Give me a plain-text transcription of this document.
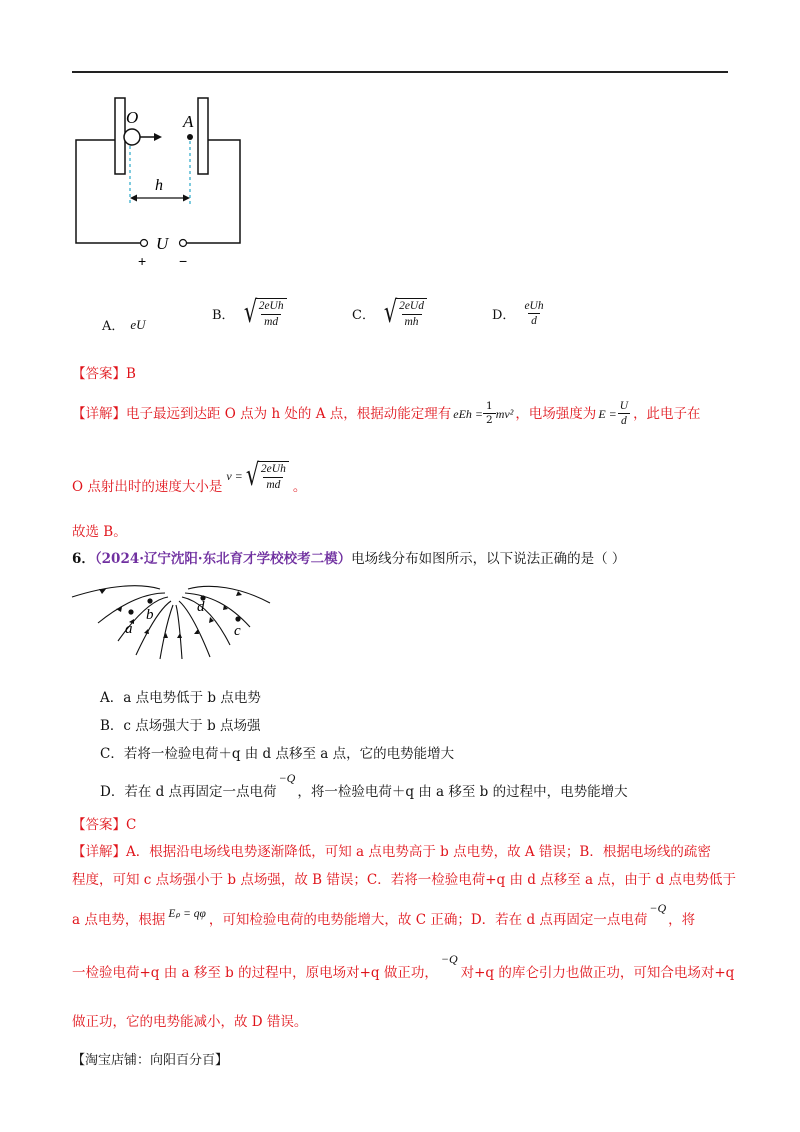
O	A
h
U
+ −
A． eU
B． √
$\frac{\text{2eUh}}{md}$	C． √
$\frac{\text{2eUd}}{mh}$	D． $\frac{\text{eUh}}{d}$
【答案】B
【详解】 电子最远到达距 O 点为 h 处的 A 点，根据动能定理有 eEh = $\frac{1}{2} mv^2$ ，电场强度为 $E = \frac{U}{d}$ ，此电子在
O 点射出时的速度大小是
v = √
$\frac{\text{2eUh}}{md}$ 。
故选 B。
6．（2024·辽宁沈阳·东北育才学校校考二模）电场线分布如图所示，以下说法正确的是（ ）
a
b	d
c
A．a 点电势低于 b 点电势
B．c 点场强大于 b 点场强
C．若将一检验电荷＋q 由 d 点移至 a 点，它的电势能增大
D．若在 d 点再固定一点电荷
−Q
，将一检验电荷＋q 由 a 移至 b 的过程中，电势能增大
【答案】C
【详解】A．根据沿电场线电势逐渐降低，可知 a 点电势高于 b 点电势，故 A 错误；B．根据电场线的疏密
程度，可知 c 点场强小于 b 点场强，故 B 错误；C．若将一检验电荷+q 由 d 点移至 a 点，由于 d 点电势低于
a 点电势，根据 Eₚ = qφ ，可知检验电荷的电势能增大，故 C 正确；D．若在 d 点再固定一点电荷
−Q
，将
一检验电荷+q 由 a 移至 b 的过程中，原电场对+q 做正功，
−Q
对+q 的库仑引力也做正功，可知合电场对+q
做正功，它的电势能减小，故 D 错误。
【淘宝店铺：向阳百分百】
